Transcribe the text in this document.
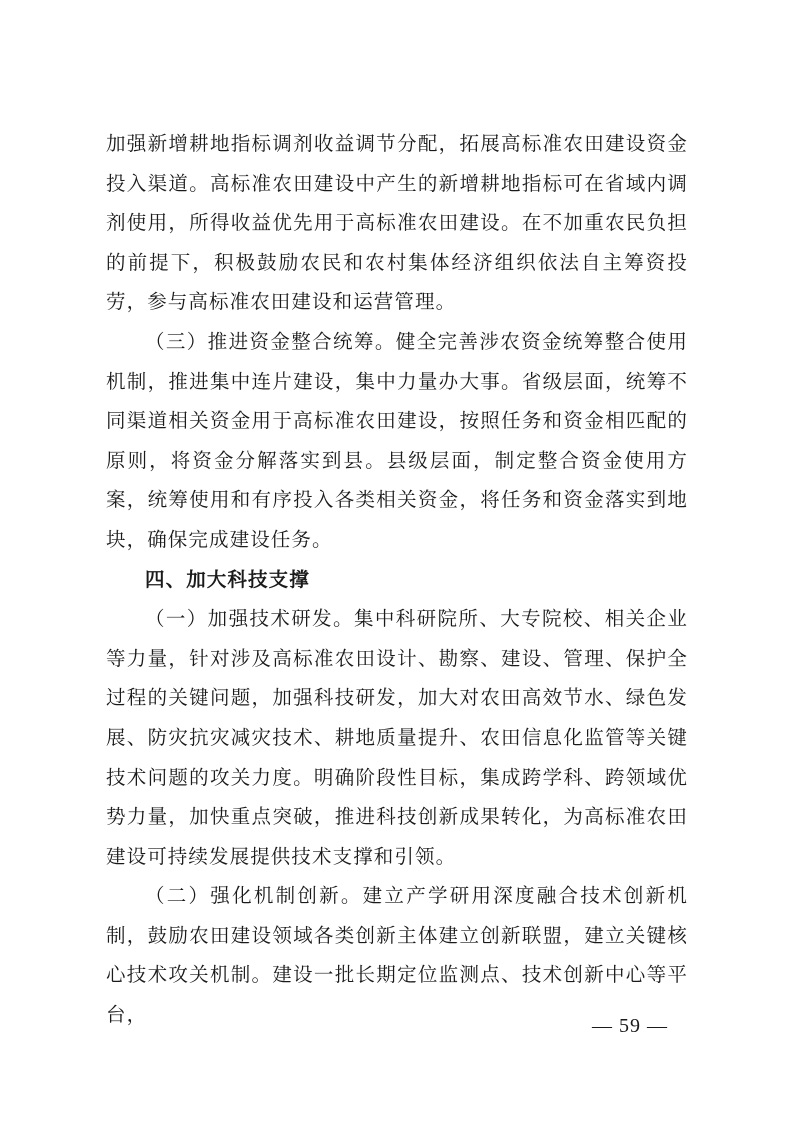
加强新增耕地指标调剂收益调节分配，拓展高标准农田建设资金投入渠道。高标准农田建设中产生的新增耕地指标可在省域内调剂使用，所得收益优先用于高标准农田建设。在不加重农民负担的前提下，积极鼓励农民和农村集体经济组织依法自主筹资投劳，参与高标准农田建设和运营管理。

（三）推进资金整合统筹。健全完善涉农资金统筹整合使用机制，推进集中连片建设，集中力量办大事。省级层面，统筹不同渠道相关资金用于高标准农田建设，按照任务和资金相匹配的原则，将资金分解落实到县。县级层面，制定整合资金使用方案，统筹使用和有序投入各类相关资金，将任务和资金落实到地块，确保完成建设任务。

四、加大科技支撑

（一）加强技术研发。集中科研院所、大专院校、相关企业等力量，针对涉及高标准农田设计、勘察、建设、管理、保护全过程的关键问题，加强科技研发，加大对农田高效节水、绿色发展、防灾抗灾减灾技术、耕地质量提升、农田信息化监管等关键技术问题的攻关力度。明确阶段性目标，集成跨学科、跨领域优势力量，加快重点突破，推进科技创新成果转化，为高标准农田建设可持续发展提供技术支撑和引领。

（二）强化机制创新。建立产学研用深度融合技术创新机制，鼓励农田建设领域各类创新主体建立创新联盟，建立关键核心技术攻关机制。建设一批长期定位监测点、技术创新中心等平台，	— 59 —
